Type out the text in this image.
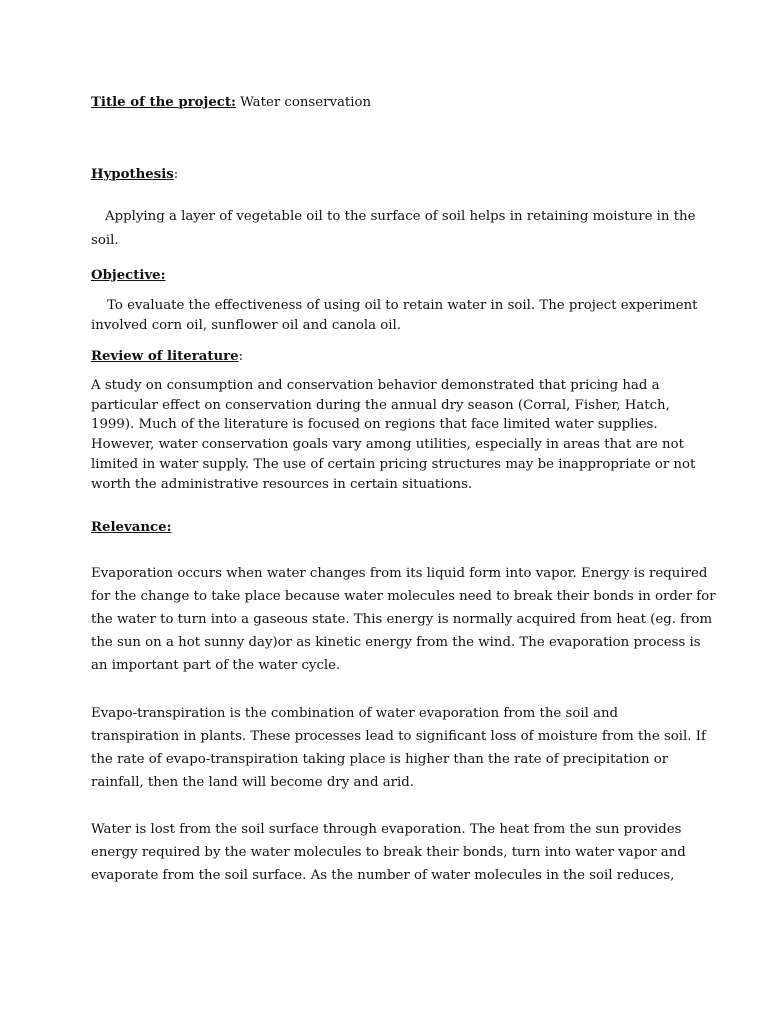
Title of the project: Water conservation
Hypothesis:
Applying a layer of vegetable oil to the surface of soil helps in retaining moisture in the
soil.
Objective:
To evaluate the effectiveness of using oil to retain water in soil. The project experiment
involved corn oil, sunflower oil and canola oil.
Review of literature:
A study on consumption and conservation behavior demonstrated that pricing had a
particular effect on conservation during the annual dry season (Corral, Fisher, Hatch,
1999). Much of the literature is focused on regions that face limited water supplies.
However, water conservation goals vary among utilities, especially in areas that are not
limited in water supply. The use of certain pricing structures may be inappropriate or not
worth the administrative resources in certain situations.
Relevance:
Evaporation occurs when water changes from its liquid form into vapor. Energy is required
for the change to take place because water molecules need to break their bonds in order for
the water to turn into a gaseous state. This energy is normally acquired from heat (eg. from
the sun on a hot sunny day)or as kinetic energy from the wind. The evaporation process is
an important part of the water cycle.
Evapo-transpiration is the combination of water evaporation from the soil and
transpiration in plants. These processes lead to significant loss of moisture from the soil. If
the rate of evapo-transpiration taking place is higher than the rate of precipitation or
rainfall, then the land will become dry and arid.
Water is lost from the soil surface through evaporation. The heat from the sun provides
energy required by the water molecules to break their bonds, turn into water vapor and
evaporate from the soil surface. As the number of water molecules in the soil reduces,
